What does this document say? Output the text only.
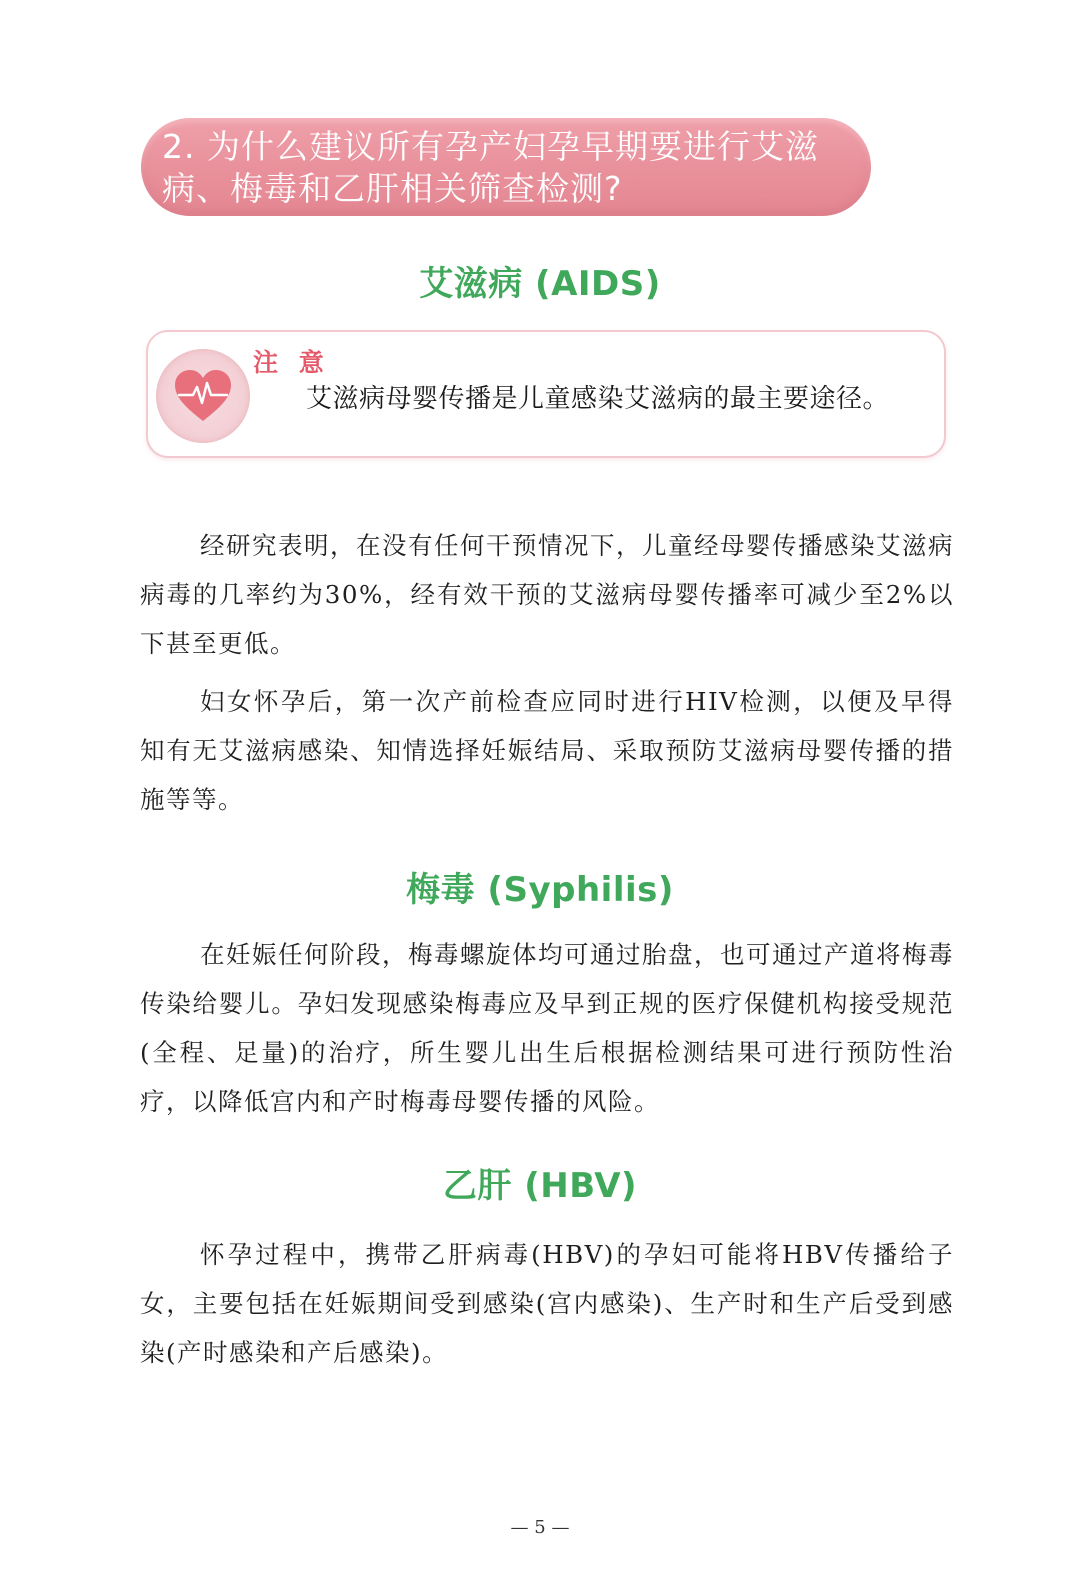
2. 为什么建议所有孕产妇孕早期要进行艾滋病、梅毒和乙肝相关筛查检测?
艾滋病 (AIDS)

注 意

艾滋病母婴传播是儿童感染艾滋病的最主要途径。

经研究表明，在没有任何干预情况下，儿童经母婴传播感染艾滋病病毒的几率约为30%，经有效干预的艾滋病母婴传播率可减少至2%以下甚至更低。

妇女怀孕后，第一次产前检查应同时进行HIV检测，以便及早得知有无艾滋病感染、知情选择妊娠结局、采取预防艾滋病母婴传播的措施等等。

梅毒 (Syphilis)

在妊娠任何阶段，梅毒螺旋体均可通过胎盘，也可通过产道将梅毒传染给婴儿。孕妇发现感染梅毒应及早到正规的医疗保健机构接受规范(全程、足量)的治疗，所生婴儿出生后根据检测结果可进行预防性治疗，以降低宫内和产时梅毒母婴传播的风险。

乙肝 (HBV)

怀孕过程中，携带乙肝病毒(HBV)的孕妇可能将HBV传播给子女，主要包括在妊娠期间受到感染(宫内感染)、生产时和生产后受到感染(产时感染和产后感染)。

— 5 —
